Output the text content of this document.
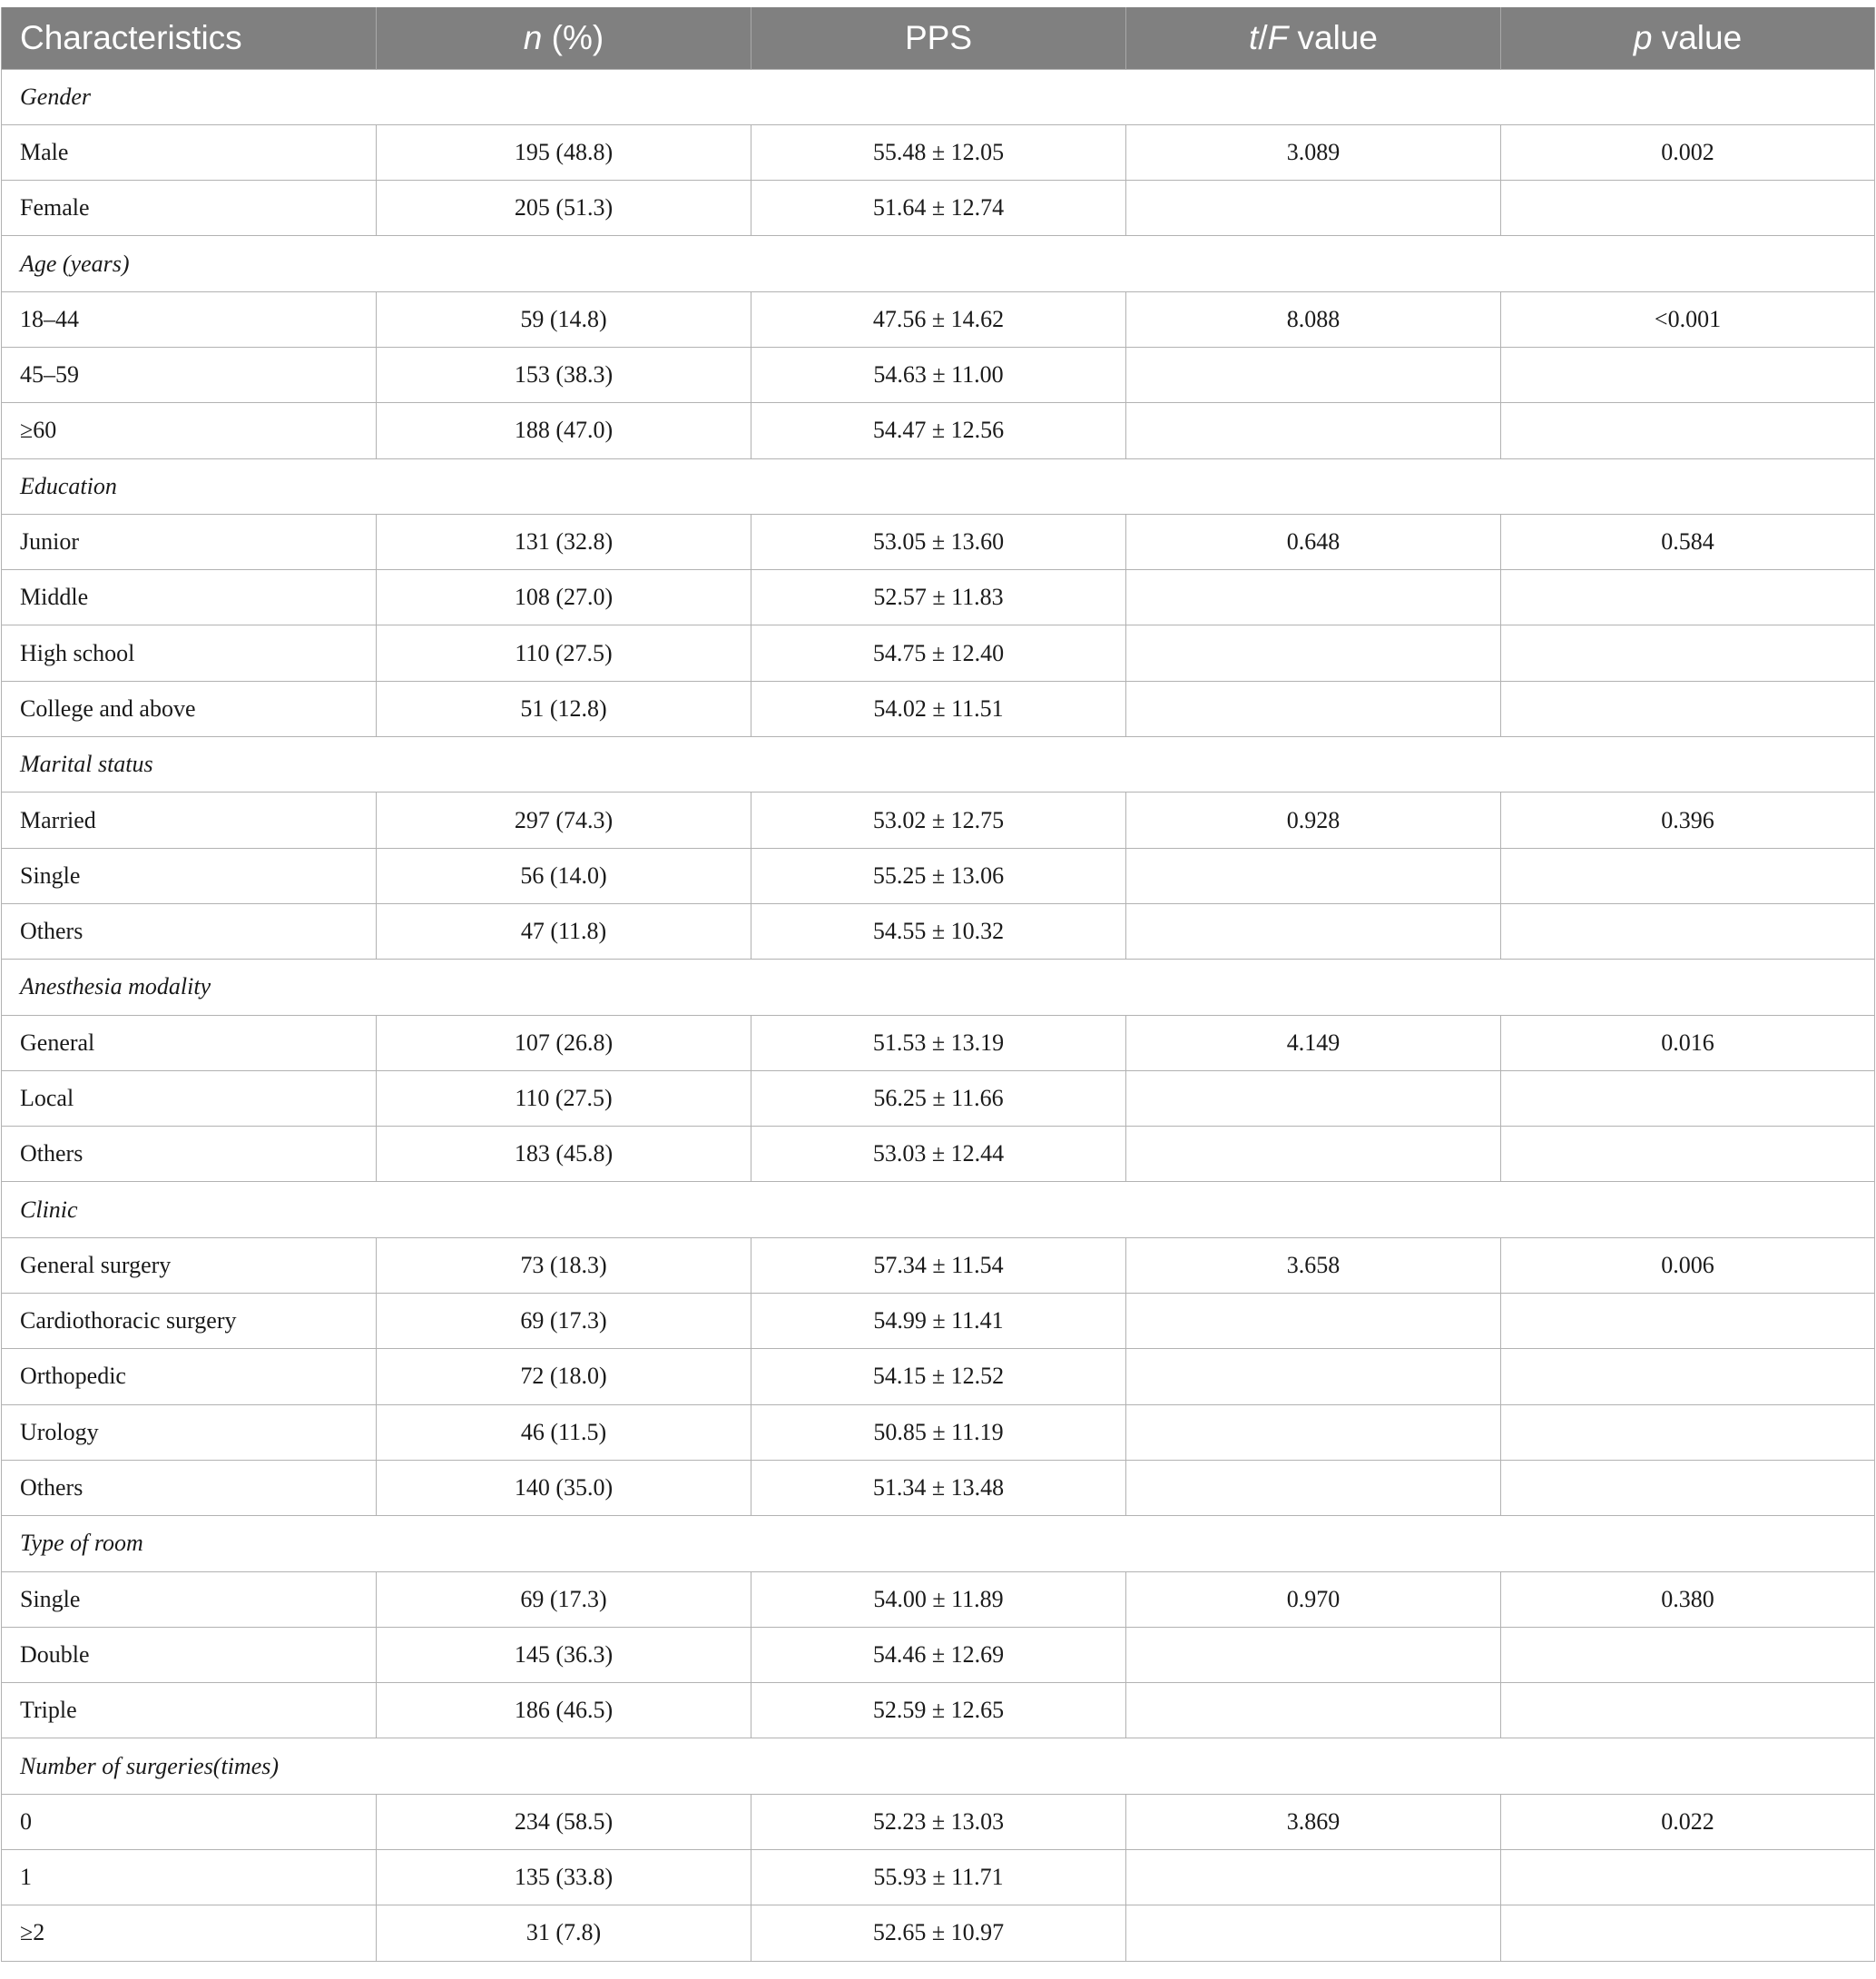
Characteristics	n (%)	PPS	t/F value	p value
Gender				
Male	195 (48.8)	55.48 ± 12.05	3.089	0.002
Female	205 (51.3)	51.64 ± 12.74		
Age (years)				
18–44	59 (14.8)	47.56 ± 14.62	8.088	<0.001
45–59	153 (38.3)	54.63 ± 11.00		
≥60	188 (47.0)	54.47 ± 12.56		
Education				
Junior	131 (32.8)	53.05 ± 13.60	0.648	0.584
Middle	108 (27.0)	52.57 ± 11.83		
High school	110 (27.5)	54.75 ± 12.40		
College and above	51 (12.8)	54.02 ± 11.51		
Marital status				
Married	297 (74.3)	53.02 ± 12.75	0.928	0.396
Single	56 (14.0)	55.25 ± 13.06		
Others	47 (11.8)	54.55 ± 10.32		
Anesthesia modality				
General	107 (26.8)	51.53 ± 13.19	4.149	0.016
Local	110 (27.5)	56.25 ± 11.66		
Others	183 (45.8)	53.03 ± 12.44		
Clinic				
General surgery	73 (18.3)	57.34 ± 11.54	3.658	0.006
Cardiothoracic surgery	69 (17.3)	54.99 ± 11.41		
Orthopedic	72 (18.0)	54.15 ± 12.52		
Urology	46 (11.5)	50.85 ± 11.19		
Others	140 (35.0)	51.34 ± 13.48		
Type of room				
Single	69 (17.3)	54.00 ± 11.89	0.970	0.380
Double	145 (36.3)	54.46 ± 12.69		
Triple	186 (46.5)	52.59 ± 12.65		
Number of surgeries(times)				
0	234 (58.5)	52.23 ± 13.03	3.869	0.022
1	135 (33.8)	55.93 ± 11.71		
≥2	31 (7.8)	52.65 ± 10.97		
